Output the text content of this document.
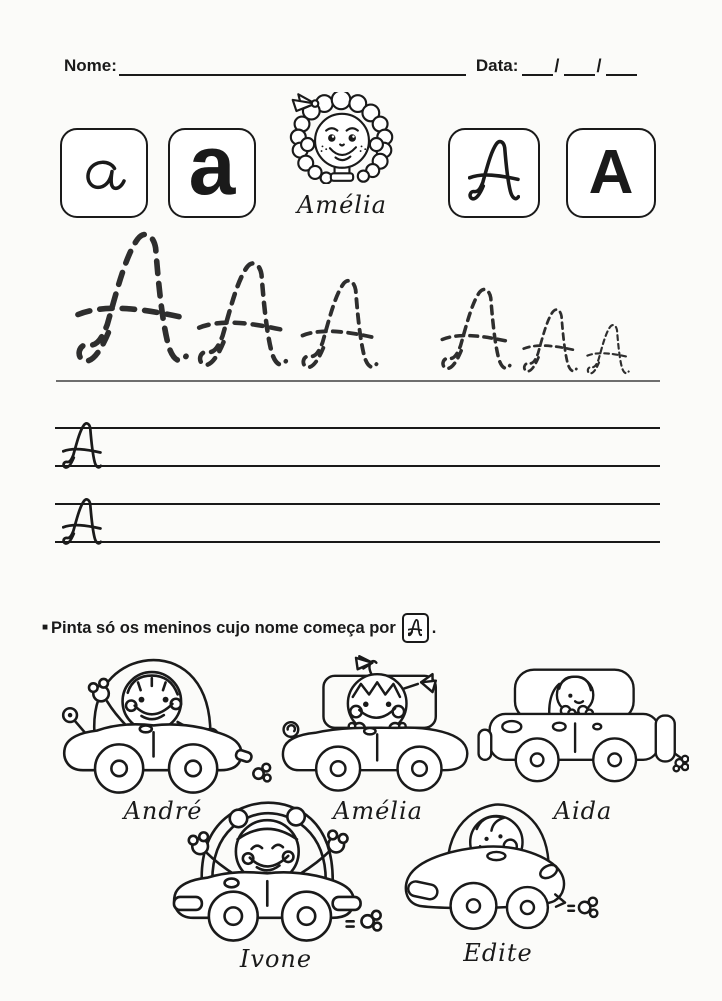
Nome:	Data: / /
a	A
Amélia
■ Pinta só os meninos cujo nome começa por .
André	Amélia	Aida
Ivone	Edite
